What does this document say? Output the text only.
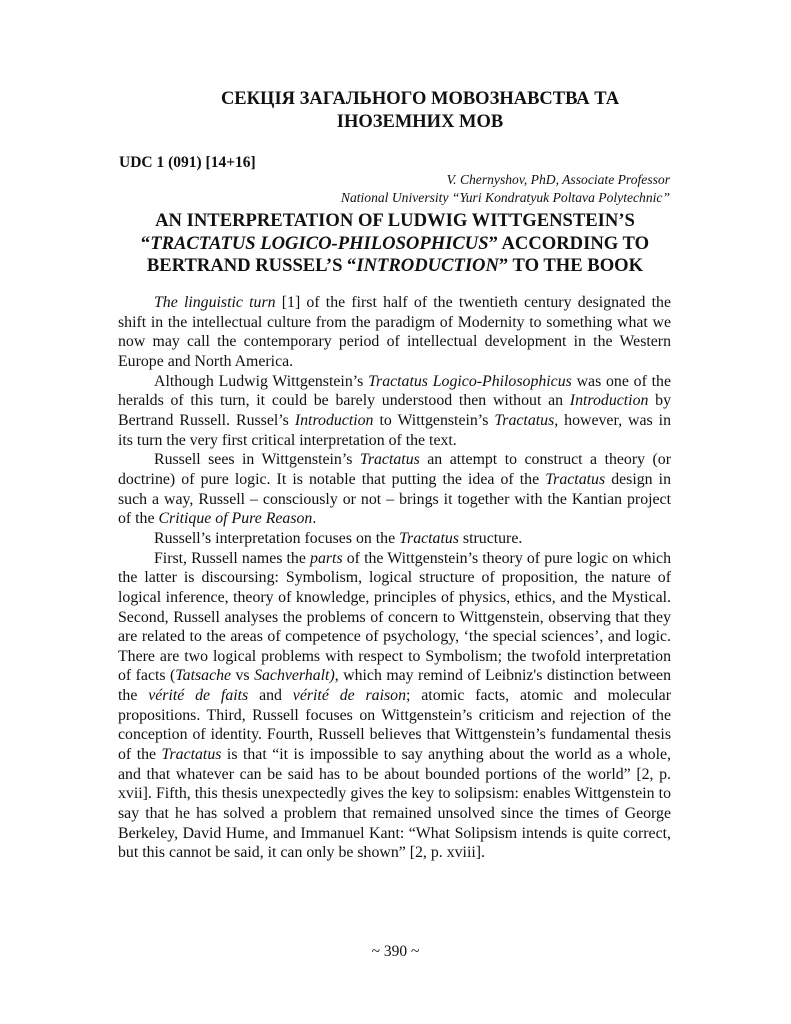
СЕКЦІЯ ЗАГАЛЬНОГО МОВОЗНАВСТВА ТА
ІНОЗЕМНИХ МОВ
UDC 1 (091) [14+16]
V. Chernyshov, PhD, Associate Professor
National University “Yuri Kondratyuk Poltava Polytechnic”
AN INTERPRETATION OF LUDWIG WITTGENSTEIN’S
“TRACTATUS LOGICO-PHILOSOPHICUS” ACCORDING TO
BERTRAND RUSSEL’S “INTRODUCTION” TO THE BOOK

The linguistic turn [1] of the first half of the twentieth century designated the shift in the intellectual culture from the paradigm of Modernity to something what we now may call the contemporary period of intellectual development in the Western Europe and North America.

Although Ludwig Wittgenstein’s Tractatus Logico-Philosophicus was one of the heralds of this turn, it could be barely understood then without an Introduction by Bertrand Russell. Russel’s Introduction to Wittgenstein’s Tractatus, however, was in its turn the very first critical interpretation of the text.

Russell sees in Wittgenstein’s Tractatus an attempt to construct a theory (or doctrine) of pure logic. It is notable that putting the idea of the Tractatus design in such a way, Russell – consciously or not – brings it together with the Kantian project of the Critique of Pure Reason.

Russell’s interpretation focuses on the Tractatus structure.

First, Russell names the parts of the Wittgenstein’s theory of pure logic on which the latter is discoursing: Symbolism, logical structure of proposition, the nature of logical inference, theory of knowledge, principles of physics, ethics, and the Mystical. Second, Russell analyses the problems of concern to Wittgenstein, observing that they are related to the areas of competence of psychology, ‘the special sciences’, and logic. There are two logical problems with respect to Symbolism; the twofold interpretation of facts (Tatsache vs Sachverhalt), which may remind of Leibniz's distinction between the vérité de faits and vérité de raison; atomic facts, atomic and molecular propositions. Third, Russell focuses on Wittgenstein’s criticism and rejection of the conception of identity. Fourth, Russell believes that Wittgenstein’s fundamental thesis of the Tractatus is that “it is impossible to say anything about the world as a whole, and that whatever can be said has to be about bounded portions of the world” [2, p. xvii]. Fifth, this thesis unexpectedly gives the key to solipsism: enables Wittgenstein to say that he has solved a problem that remained unsolved since the times of George Berkeley, David Hume, and Immanuel Kant: “What Solipsism intends is quite correct, but this cannot be said, it can only be shown” [2, p. xviii].

~ 390 ~
